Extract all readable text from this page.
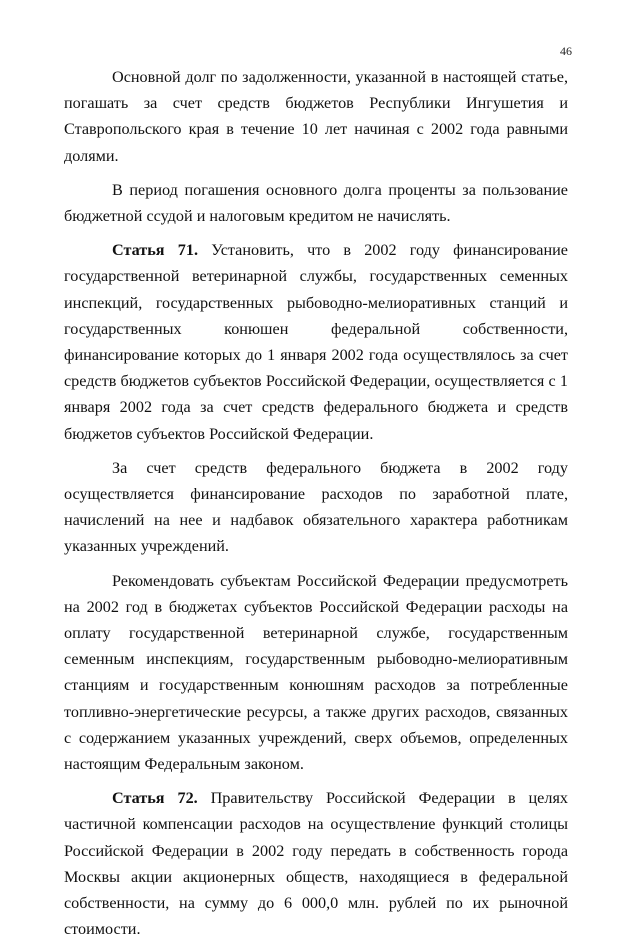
46

Основной долг по задолженности, указанной в настоящей статье, погашать за счет средств бюджетов Республики Ингушетия и Ставропольского края в течение 10 лет начиная с 2002 года равными долями.

В период погашения основного долга проценты за пользование бюджетной ссудой и налоговым кредитом не начислять.

Статья 71. Установить, что в 2002 году финансирование государственной ветеринарной службы, государственных семенных инспекций, государственных рыбоводно-мелиоративных станций и государственных конюшен федеральной собственности, финансирование которых до 1 января 2002 года осуществлялось за счет средств бюджетов субъектов Российской Федерации, осуществляется с 1 января 2002 года за счет средств федерального бюджета и средств бюджетов субъектов Российской Федерации.

За счет средств федерального бюджета в 2002 году осуществляется финансирование расходов по заработной плате, начислений на нее и надбавок обязательного характера работникам указанных учреждений.

Рекомендовать субъектам Российской Федерации предусмотреть на 2002 год в бюджетах субъектов Российской Федерации расходы на оплату государственной ветеринарной службе, государственным семенным инспекциям, государственным рыбоводно-мелиоративным станциям и государственным конюшням расходов за потребленные топливно-энергетические ресурсы, а также других расходов, связанных с содержанием указанных учреждений, сверх объемов, определенных настоящим Федеральным законом.

Статья 72. Правительству Российской Федерации в целях частичной компенсации расходов на осуществление функций столицы Российской Федерации в 2002 году передать в собственность города Москвы акции акционерных обществ, находящиеся в федеральной собственности, на сумму до 6 000,0 млн. рублей по их рыночной стоимости.
